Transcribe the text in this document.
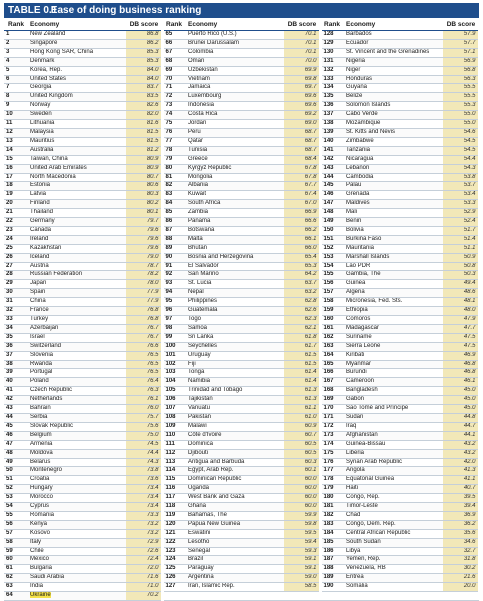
TABLE 0.1 Ease of doing business ranking
Rank	Economy	DB score	Rank	Economy	DB score	Rank	Economy	DB score
1	New Zealand	86.8	65	Puerto Rico (U.S.)	70.1	128	Barbados	57.9
2	Singapore	86.2	66	Brunei Darussalam	70.1	129	Ecuador	57.7
3	Hong Kong SAR, China	85.3	67	Colombia	70.1	130	St. Vincent and the Grenadines	57.1
4	Denmark	85.3	68	Oman	70.0	131	Nigeria	56.9
5	Korea, Rep.	84.0	69	Uzbekistan	69.9	132	Niger	56.8
6	United States	84.0	70	Vietnam	69.8	133	Honduras	56.3
7	Georgia	83.7	71	Jamaica	69.7	134	Guyana	55.5
8	United Kingdom	83.5	72	Luxembourg	69.6	135	Belize	55.5
9	Norway	82.6	73	Indonesia	69.6	136	Solomon Islands	55.3
10	Sweden	82.0	74	Costa Rica	69.2	137	Cabo Verde	55.0
11	Lithuania	81.6	75	Jordan	69.0	138	Mozambique	55.0
12	Malaysia	81.5	76	Peru	68.7	139	St. Kitts and Nevis	54.6
13	Mauritius	81.5	77	Qatar	68.7	140	Zimbabwe	54.5
14	Australia	81.2	78	Tunisia	68.7	141	Tanzania	54.5
15	Taiwan, China	80.9	79	Greece	68.4	142	Nicaragua	54.4
16	United Arab Emirates	80.9	80	Kyrgyz Republic	67.8	143	Lebanon	54.3
17	North Macedonia	80.7	81	Mongolia	67.8	144	Cambodia	53.8
18	Estonia	80.6	82	Albania	67.7	145	Palau	53.7
19	Latvia	80.3	83	Kuwait	67.4	146	Grenada	53.4
20	Finland	80.2	84	South Africa	67.0	147	Maldives	53.3
21	Thailand	80.1	85	Zambia	66.9	148	Mali	52.9
22	Germany	79.7	86	Panama	66.6	149	Benin	52.4
23	Canada	79.6	87	Botswana	66.2	150	Bolivia	51.7
24	Ireland	79.6	88	Malta	66.1	151	Burkina Faso	51.4
25	Kazakhstan	79.6	89	Bhutan	66.0	152	Mauritania	51.1
26	Iceland	79.0	90	Bosnia and Herzegovina	65.4	153	Marshall Islands	50.9
27	Austria	78.7	91	El Salvador	65.3	154	Lao PDR	50.8
28	Russian Federation	78.2	92	San Marino	64.2	155	Gambia, The	50.3
29	Japan	78.0	93	St. Lucia	63.7	156	Guinea	49.4
30	Spain	77.9	94	Nepal	63.2	157	Algeria	48.6
31	China	77.9	95	Philippines	62.8	158	Micronesia, Fed. Sts.	48.1
32	France	76.8	96	Guatemala	62.6	159	Ethiopia	48.0
33	Turkey	76.8	97	Togo	62.3	160	Comoros	47.9
34	Azerbaijan	76.7	98	Samoa	62.1	161	Madagascar	47.7
35	Israel	76.7	99	Sri Lanka	61.8	162	Suriname	47.5
36	Switzerland	76.6	100	Seychelles	61.7	163	Sierra Leone	47.5
37	Slovenia	76.5	101	Uruguay	61.5	164	Kiribati	46.9
38	Rwanda	76.5	102	Fiji	61.5	165	Myanmar	46.8
39	Portugal	76.5	103	Tonga	61.4	166	Burundi	46.8
40	Poland	76.4	104	Namibia	61.4	167	Cameroon	46.1
41	Czech Republic	76.3	105	Trinidad and Tobago	61.3	168	Bangladesh	45.0
42	Netherlands	76.1	106	Tajikistan	61.3	169	Gabon	45.0
43	Bahrain	76.0	107	Vanuatu	61.1	170	São Tomé and Príncipe	45.0
44	Serbia	75.7	108	Pakistan	61.0	171	Sudan	44.8
45	Slovak Republic	75.6	109	Malawi	60.9	172	Iraq	44.7
46	Belgium	75.0	110	Côte d'Ivoire	60.7	173	Afghanistan	44.1
47	Armenia	74.5	111	Dominica	60.5	174	Guinea-Bissau	43.2
48	Moldova	74.4	112	Djibouti	60.5	175	Liberia	43.2
49	Belarus	74.3	113	Antigua and Barbuda	60.3	176	Syrian Arab Republic	42.0
50	Montenegro	73.8	114	Egypt, Arab Rep.	60.1	177	Angola	41.3
51	Croatia	73.6	115	Dominican Republic	60.0	178	Equatorial Guinea	41.1
52	Hungary	73.4	116	Uganda	60.0	179	Haiti	40.7
53	Morocco	73.4	117	West Bank and Gaza	60.0	180	Congo, Rep.	39.5
54	Cyprus	73.4	118	Ghana	60.0	181	Timor-Leste	39.4
55	Romania	73.3	119	Bahamas, The	59.9	182	Chad	36.9
56	Kenya	73.2	120	Papua New Guinea	59.8	183	Congo, Dem. Rep.	36.2
57	Kosovo	73.2	121	Eswatini	59.5	184	Central African Republic	35.6
58	Italy	72.9	122	Lesotho	59.4	185	South Sudan	34.6
59	Chile	72.6	123	Senegal	59.3	186	Libya	32.7
60	Mexico	72.4	124	Brazil	59.1	187	Yemen, Rep.	31.8
61	Bulgaria	72.0	125	Paraguay	59.1	188	Venezuela, RB	30.2
62	Saudi Arabia	71.6	126	Argentina	59.0	189	Eritrea	21.6
63	India	71.0	127	Iran, Islamic Rep.	58.5	190	Somalia	20.0
64	Ukraine	70.2						
